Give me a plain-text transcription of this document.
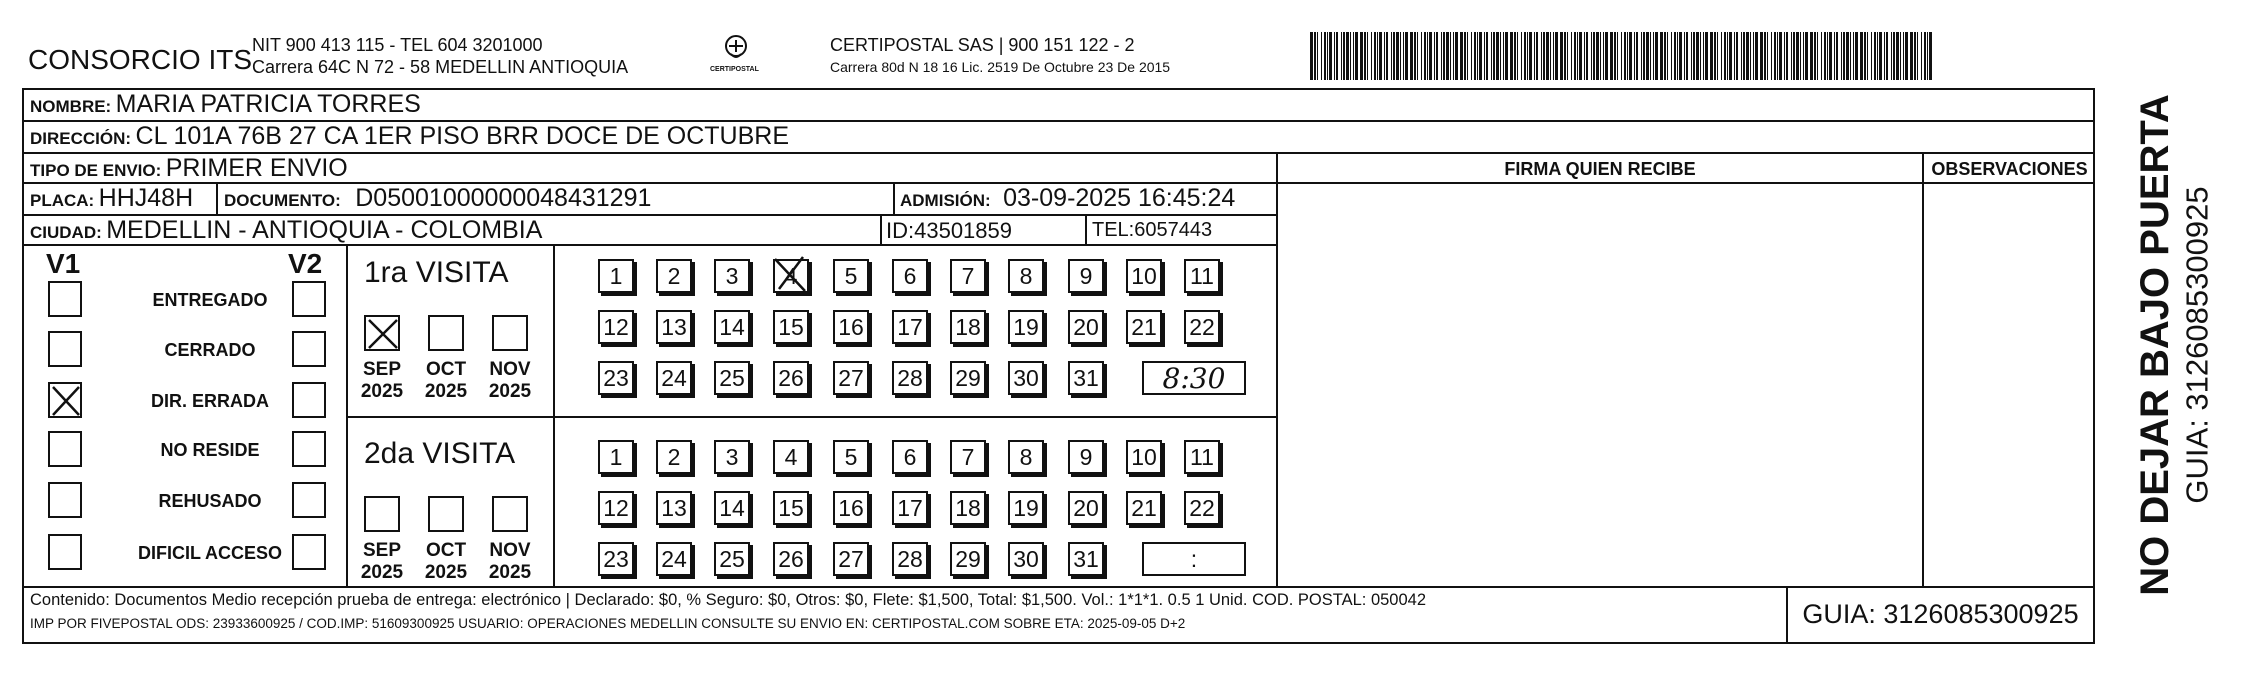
CONSORCIO ITS NIT 900 413 115 - TEL 604 3201000
Carrera 64C N 72 - 58 MEDELLIN ANTIOQUIA	CERTIPOSTAL
CERTIPOSTAL SAS | 900 151 122 - 2
Carrera 80d N 18 16 Lic. 2519 De Octubre 23 De 2015
NOMBRE: MARIA PATRICIA TORRES
DIRECCIÓN: CL 101A 76B 27 CA 1ER PISO BRR DOCE DE OCTUBRE
TIPO DE ENVIO: PRIMER ENVIO
PLACA: HHJ48H DOCUMENTO: D05001000000048431291	ADMISIÓN: 03-09-2025 16:45:24
CIUDAD: MEDELLIN - ANTIOQUIA - COLOMBIA	ID:43501859	TEL:6057443
FIRMA QUIEN RECIBE	OBSERVACIONES
V1	V2
ENTREGADO
CERRADO
DIR. ERRADA
NO RESIDE
REHUSADO
DIFICIL ACCESO
1ra VISITA
SEP
2025
OCT
2025
NOV
2025
1	2	3	4	5	6	7	8	9	10 11
12 13 14 15 16 17 18 19 20 21 22
23 24 25 26 27 28 29 30 31	8:30
2da VISITA
SEP
2025
OCT
2025
NOV
2025
1	2	3	4	5	6	7	8	9	10 11
12 13 14 15 16 17 18 19 20 21 22
23 24 25 26 27 28 29 30 31	:
Contenido: Documentos Medio recepción prueba de entrega: electrónico | Declarado: $0, % Seguro: $0, Otros: $0, Flete: $1,500, Total: $1,500. Vol.: 1*1*1. 0.5 1 Unid. COD. POSTAL: 050042
IMP POR FIVEPOSTAL ODS: 23933600925 / COD.IMP: 51609300925 USUARIO: OPERACIONES MEDELLIN CONSULTE SU ENVIO EN: CERTIPOSTAL.COM SOBRE ETA: 2025-09-05 D+2	GUIA: 3126085300925
NO DEJAR BAJO PUERTA GUIA: 3126085300925
